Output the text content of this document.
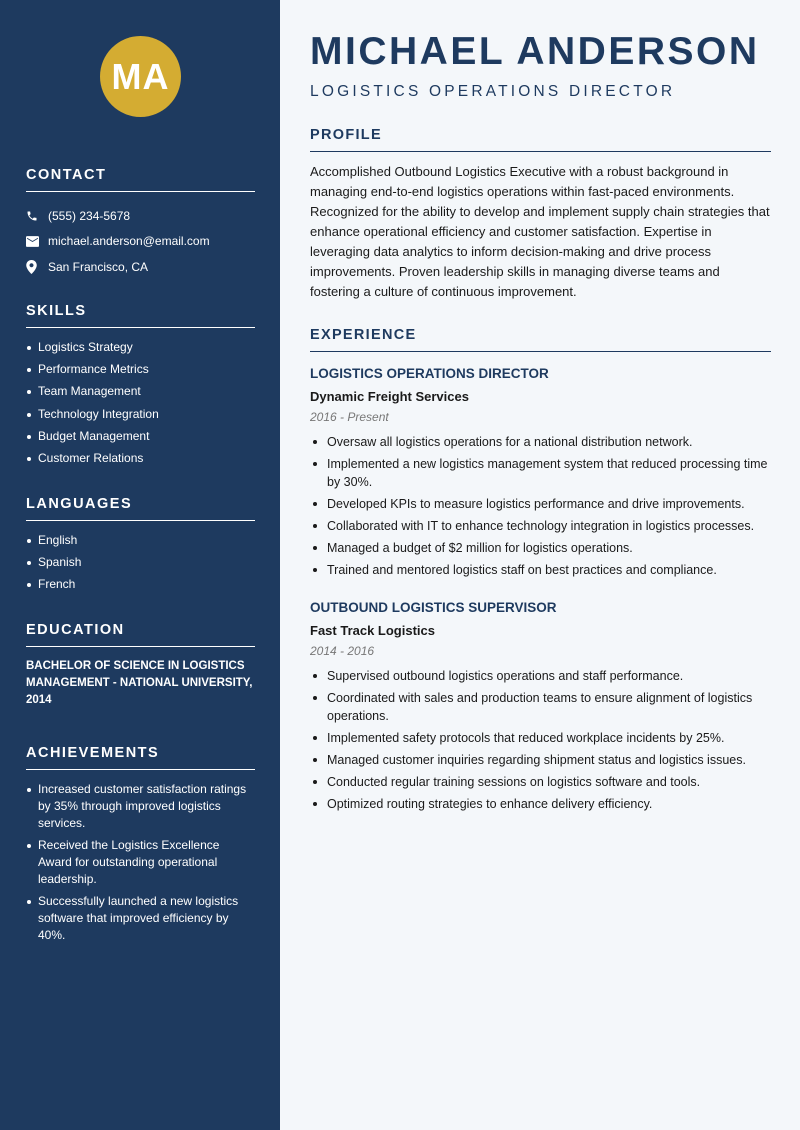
MA
CONTACT
(555) 234-5678
michael.anderson@email.com
San Francisco, CA
SKILLS
Logistics Strategy
Performance Metrics
Team Management
Technology Integration
Budget Management
Customer Relations
LANGUAGES
English
Spanish
French
EDUCATION

BACHELOR OF SCIENCE IN LOGISTICS MANAGEMENT - NATIONAL UNIVERSITY, 2014

ACHIEVEMENTS
Increased customer satisfaction ratings by 35% through improved logistics services.
Received the Logistics Excellence Award for outstanding operational leadership.
Successfully launched a new logistics software that improved efficiency by 40%.
MICHAEL ANDERSON
LOGISTICS OPERATIONS DIRECTOR
PROFILE

Accomplished Outbound Logistics Executive with a robust background in managing end-to-end logistics operations within fast-paced environments. Recognized for the ability to develop and implement supply chain strategies that enhance operational efficiency and customer satisfaction. Expertise in leveraging data analytics to inform decision-making and drive process improvements. Proven leadership skills in managing diverse teams and fostering a culture of continuous improvement.

EXPERIENCE
LOGISTICS OPERATIONS DIRECTOR
Dynamic Freight Services
2016 - Present
Oversaw all logistics operations for a national distribution network.
Implemented a new logistics management system that reduced processing time by 30%.
Developed KPIs to measure logistics performance and drive improvements.
Collaborated with IT to enhance technology integration in logistics processes.
Managed a budget of $2 million for logistics operations.
Trained and mentored logistics staff on best practices and compliance.
OUTBOUND LOGISTICS SUPERVISOR
Fast Track Logistics
2014 - 2016
Supervised outbound logistics operations and staff performance.
Coordinated with sales and production teams to ensure alignment of logistics operations.
Implemented safety protocols that reduced workplace incidents by 25%.
Managed customer inquiries regarding shipment status and logistics issues.
Conducted regular training sessions on logistics software and tools.
Optimized routing strategies to enhance delivery efficiency.
